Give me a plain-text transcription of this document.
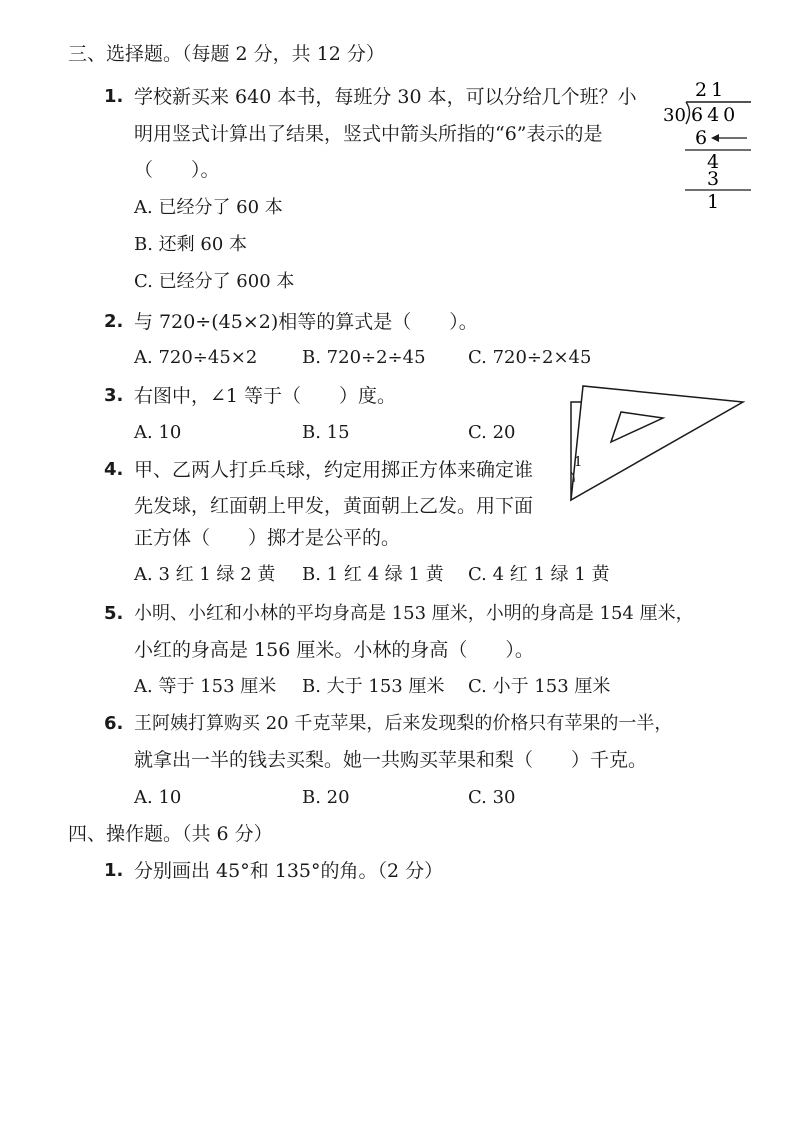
三、选择题。（每题 2 分，共 12 分）
1. 学校新买来 640 本书，每班分 30 本，可以分给几个班？小
明用竖式计算出了结果，竖式中箭头所指的“6”表示的是
（　　）。
A. 已经分了 60 本
B. 还剩 60 本
C. 已经分了 600 本
21
30 640
6
4
3
1
2. 与 720÷(45×2)相等的算式是（　　）。
A. 720÷45×2 B. 720÷2÷45 C. 720÷2×45
3. 右图中，∠1 等于（　　）度。
A. 10	B. 15	C. 20
1
4. 甲、乙两人打乒乓球，约定用掷正方体来确定谁
先发球，红面朝上甲发，黄面朝上乙发。用下面
正方体（　　）掷才是公平的。
A. 3 红 1 绿 2 黄 B. 1 红 4 绿 1 黄 C. 4 红 1 绿 1 黄
5. 小明、小红和小林的平均身高是 153 厘米，小明的身高是 154 厘米，
小红的身高是 156 厘米。小林的身高（　　）。
A. 等于 153 厘米 B. 大于 153 厘米 C. 小于 153 厘米
6. 王阿姨打算购买 20 千克苹果，后来发现梨的价格只有苹果的一半，
就拿出一半的钱去买梨。她一共购买苹果和梨（　　）千克。
A. 10	B. 20	C. 30
四、操作题。（共 6 分）
1. 分别画出 45°和 135°的角。（2 分）
